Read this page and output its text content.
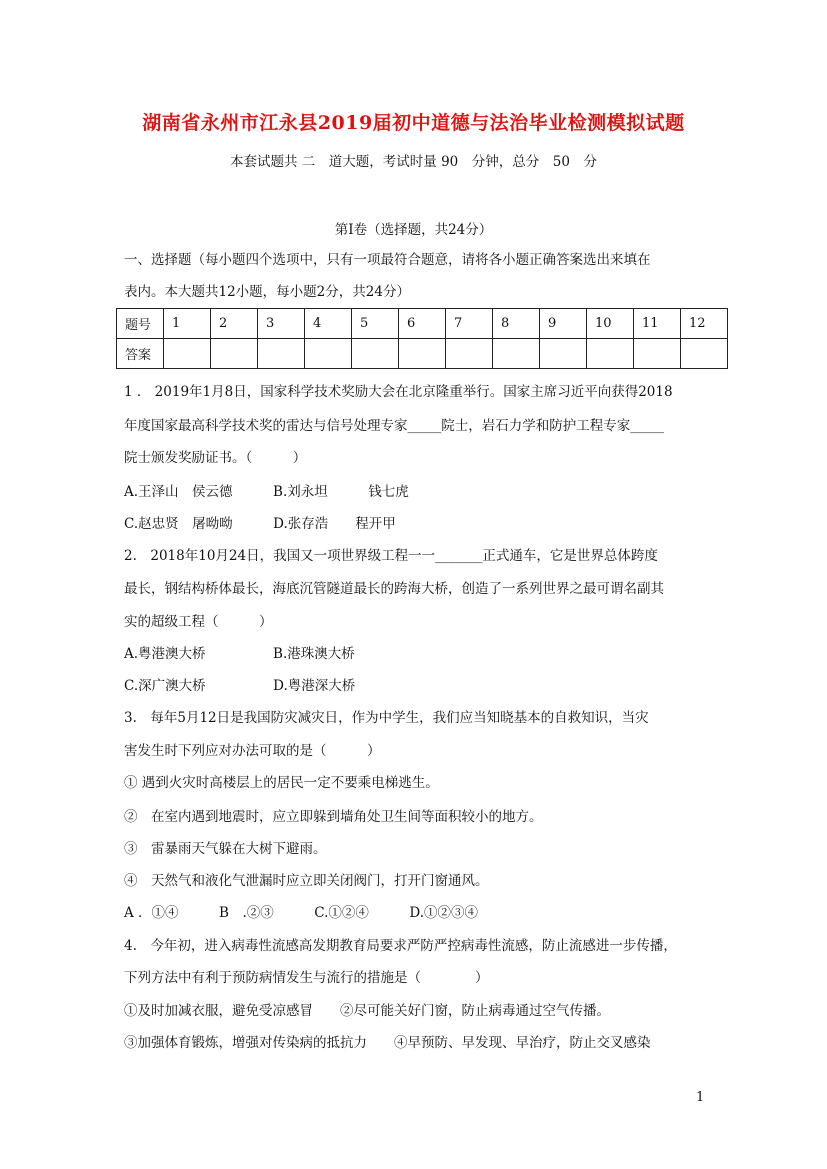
湖南省永州市江永县2019届初中道德与法治毕业检测模拟试题
本套试题共 二　道大题，考试时量 90　分钟，总分　50　分
第Ⅰ卷（选择题，共24分）
一、选择题（每小题四个选项中，只有一项最符合题意，请将各小题正确答案选出来填在
表内。本大题共12小题，每小题2分，共24分）
题号	1	2	3	4	5	6	7	8	9	10	11	12
答案												
1 ． 2019年1月8日，国家科学技术奖励大会在北京隆重举行。国家主席习近平向获得2018
年度国家最高科学技术奖的雷达与信号处理专家_____院士，岩石力学和防护工程专家_____
院士颁发奖励证书。（　　　）
A.王泽山　侯云德　　　B.刘永坦　　　钱七虎
C.赵忠贤　屠呦呦　　　D.张存浩　　程开甲
2.　2018年10月24日，我国又一项世界级工程一一_______正式通车，它是世界总体跨度
最长，钢结构桥体最长，海底沉管隧道最长的跨海大桥，创造了一系列世界之最可谓名副其
实的超级工程（　　　）
A.粤港澳大桥　　　　　B.港珠澳大桥
C.深广澳大桥　　　　　D.粤港深大桥
3.　每年5月12日是我国防灾减灾日，作为中学生，我们应当知晓基本的自救知识，当灾
害发生时下列应对办法可取的是（　　　）
① 遇到火灾时高楼层上的居民一定不要乘电梯逃生。
②　在室内遇到地震时，应立即躲到墙角处卫生间等面积较小的地方。
③　雷暴雨天气躲在大树下避雨。
④　天然气和液化气泄漏时应立即关闭阀门，打开门窗通风。
A ．①④　　　B　.②③　　　C.①②④　　　D.①②③④
4.　今年初，进入病毒性流感高发期教育局要求严防严控病毒性流感，防止流感进一步传播，
下列方法中有利于预防病情发生与流行的措施是（　　　　）
①及时加减衣服，避免受凉感冒　　②尽可能关好门窗，防止病毒通过空气传播。
③加强体育锻炼，增强对传染病的抵抗力　　④早预防、早发现、早治疗，防止交叉感染
1
